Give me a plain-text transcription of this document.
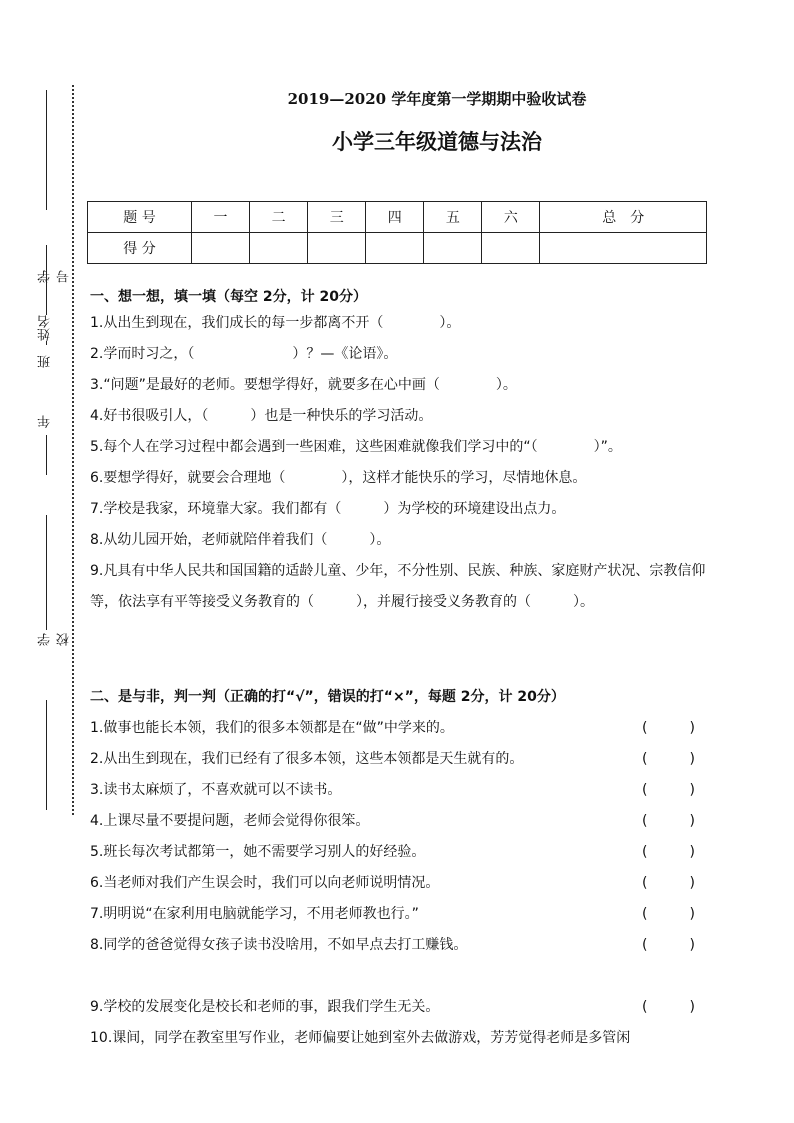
学号
姓名
班
年
学校
2019—2020 学年度第一学期期中验收试卷
小学三年级道德与法治
题 号	一	二	三	四	五	六	总　分
得 分							
一、想一想，填一填（每空 2分，计 20分）
1.从出生到现在，我们成长的每一步都离不开（　　　　）。
2.学而时习之，（　　　　　　　）？—《论语》。
3.“问题”是最好的老师。要想学得好，就要多在心中画（　　　　）。
4.好书很吸引人，（　　　）也是一种快乐的学习活动。
5.每个人在学习过程中都会遇到一些困难，这些困难就像我们学习中的“（　　　　）”。
6.要想学得好，就要会合理地（　　　　），这样才能快乐的学习，尽情地休息。
7.学校是我家，环境靠大家。我们都有（　　　）为学校的环境建设出点力。
8.从幼儿园开始，老师就陪伴着我们（　　　）。
9.凡具有中华人民共和国国籍的适龄儿童、少年，不分性别、民族、种族、家庭财产状况、宗教信仰等，依法享有平等接受义务教育的（　　　），并履行接受义务教育的（　　　）。
二、是与非，判一判（正确的打“√”，错误的打“×”，每题 2分，计 20分）
1.做事也能长本领，我们的很多本领都是在“做”中学来的。	(　　　)
2.从出生到现在，我们已经有了很多本领，这些本领都是天生就有的。	(　　　)
3.读书太麻烦了，不喜欢就可以不读书。	(　　　)
4.上课尽量不要提问题，老师会觉得你很笨。	(　　　)
5.班长每次考试都第一，她不需要学习别人的好经验。	(　　　)
6.当老师对我们产生误会时，我们可以向老师说明情况。	(　　　)
7.明明说“在家利用电脑就能学习，不用老师教也行。”	(　　　)
8.同学的爸爸觉得女孩子读书没啥用，不如早点去打工赚钱。	(　　　)
9.学校的发展变化是校长和老师的事，跟我们学生无关。	(　　　)
10.课间，同学在教室里写作业，老师偏要让她到室外去做游戏，芳芳觉得老师是多管闲
